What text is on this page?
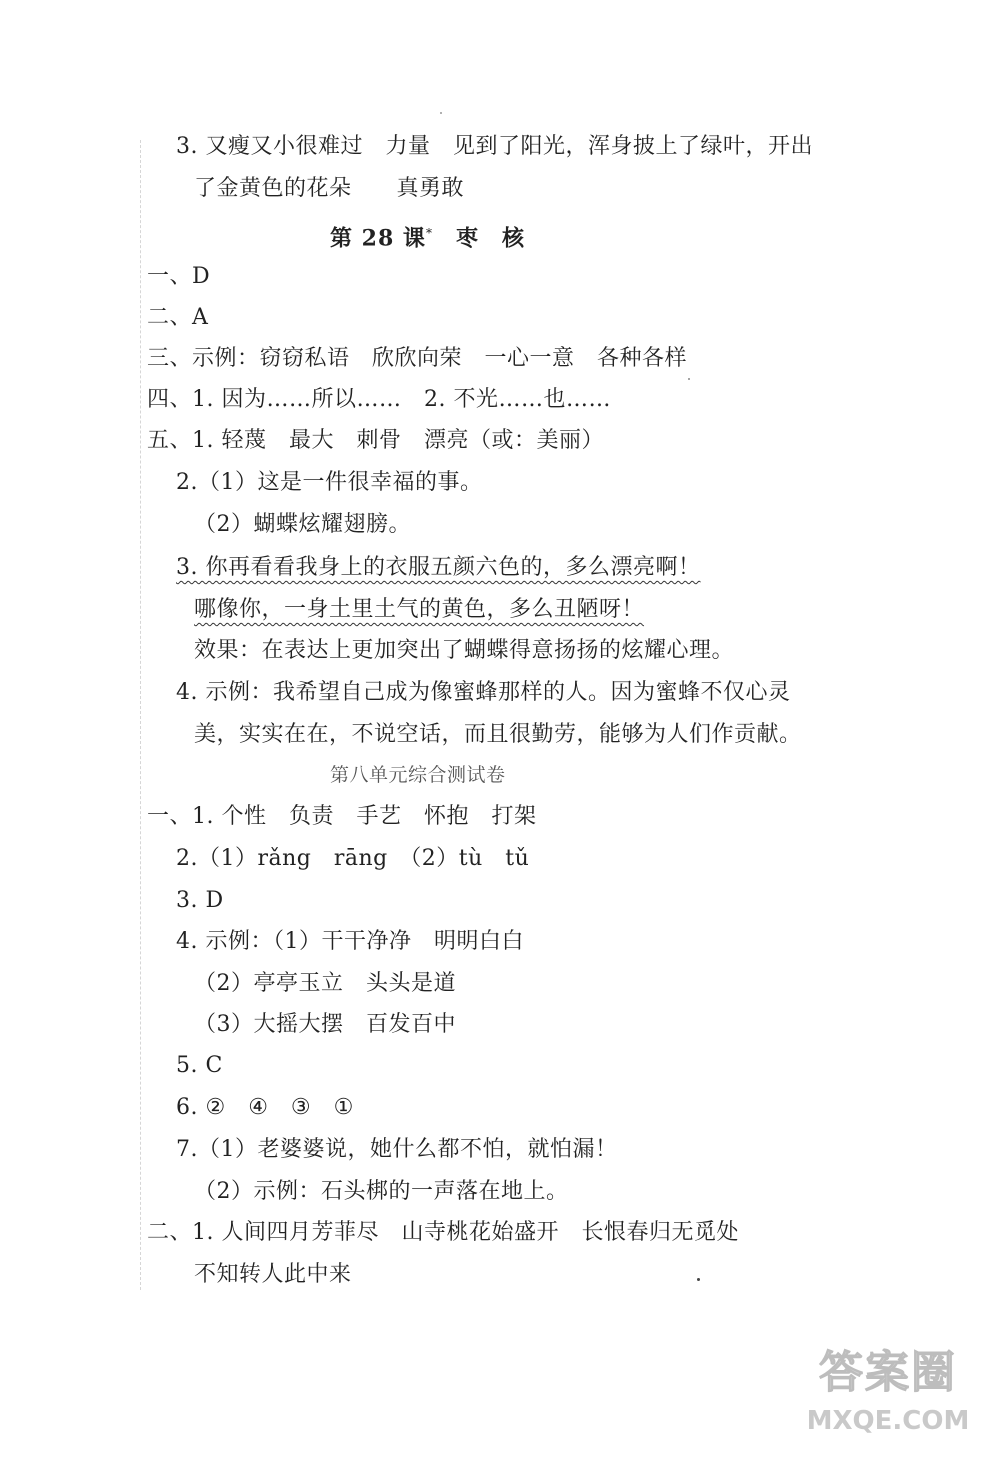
3. 又瘦又小很难过　力量　见到了阳光，浑身披上了绿叶，开出
了金黄色的花朵　　真勇敢
第 28 课*　枣　核
一、D
二、A
三、示例：窃窃私语　欣欣向荣　一心一意　各种各样
四、1. 因为……所以……　2. 不光……也……
五、1. 轻蔑　最大　刺骨　漂亮（或：美丽）
2.（1）这是一件很幸福的事。
（2）蝴蝶炫耀翅膀。
3. 你再看看我身上的衣服五颜六色的，多么漂亮啊！
哪像你，一身土里土气的黄色，多么丑陋呀！
效果：在表达上更加突出了蝴蝶得意扬扬的炫耀心理。
4. 示例：我希望自己成为像蜜蜂那样的人。因为蜜蜂不仅心灵
美，实实在在，不说空话，而且很勤劳，能够为人们作贡献。
第八单元综合测试卷
一、1. 个性　负责　手艺　怀抱　打架
2.（1）rǎng　rāng　（2）tù　tǔ
3. D
4. 示例：（1）干干净净　明明白白
（2）亭亭玉立　头头是道
（3）大摇大摆　百发百中
5. C
6. ②　④　③　①
7.（1）老婆婆说，她什么都不怕，就怕漏！
（2）示例：石头梆的一声落在地上。
二、1. 人间四月芳菲尽　山寺桃花始盛开　长恨春归无觅处
不知转人此中来
答案圈
MXQE.COM
